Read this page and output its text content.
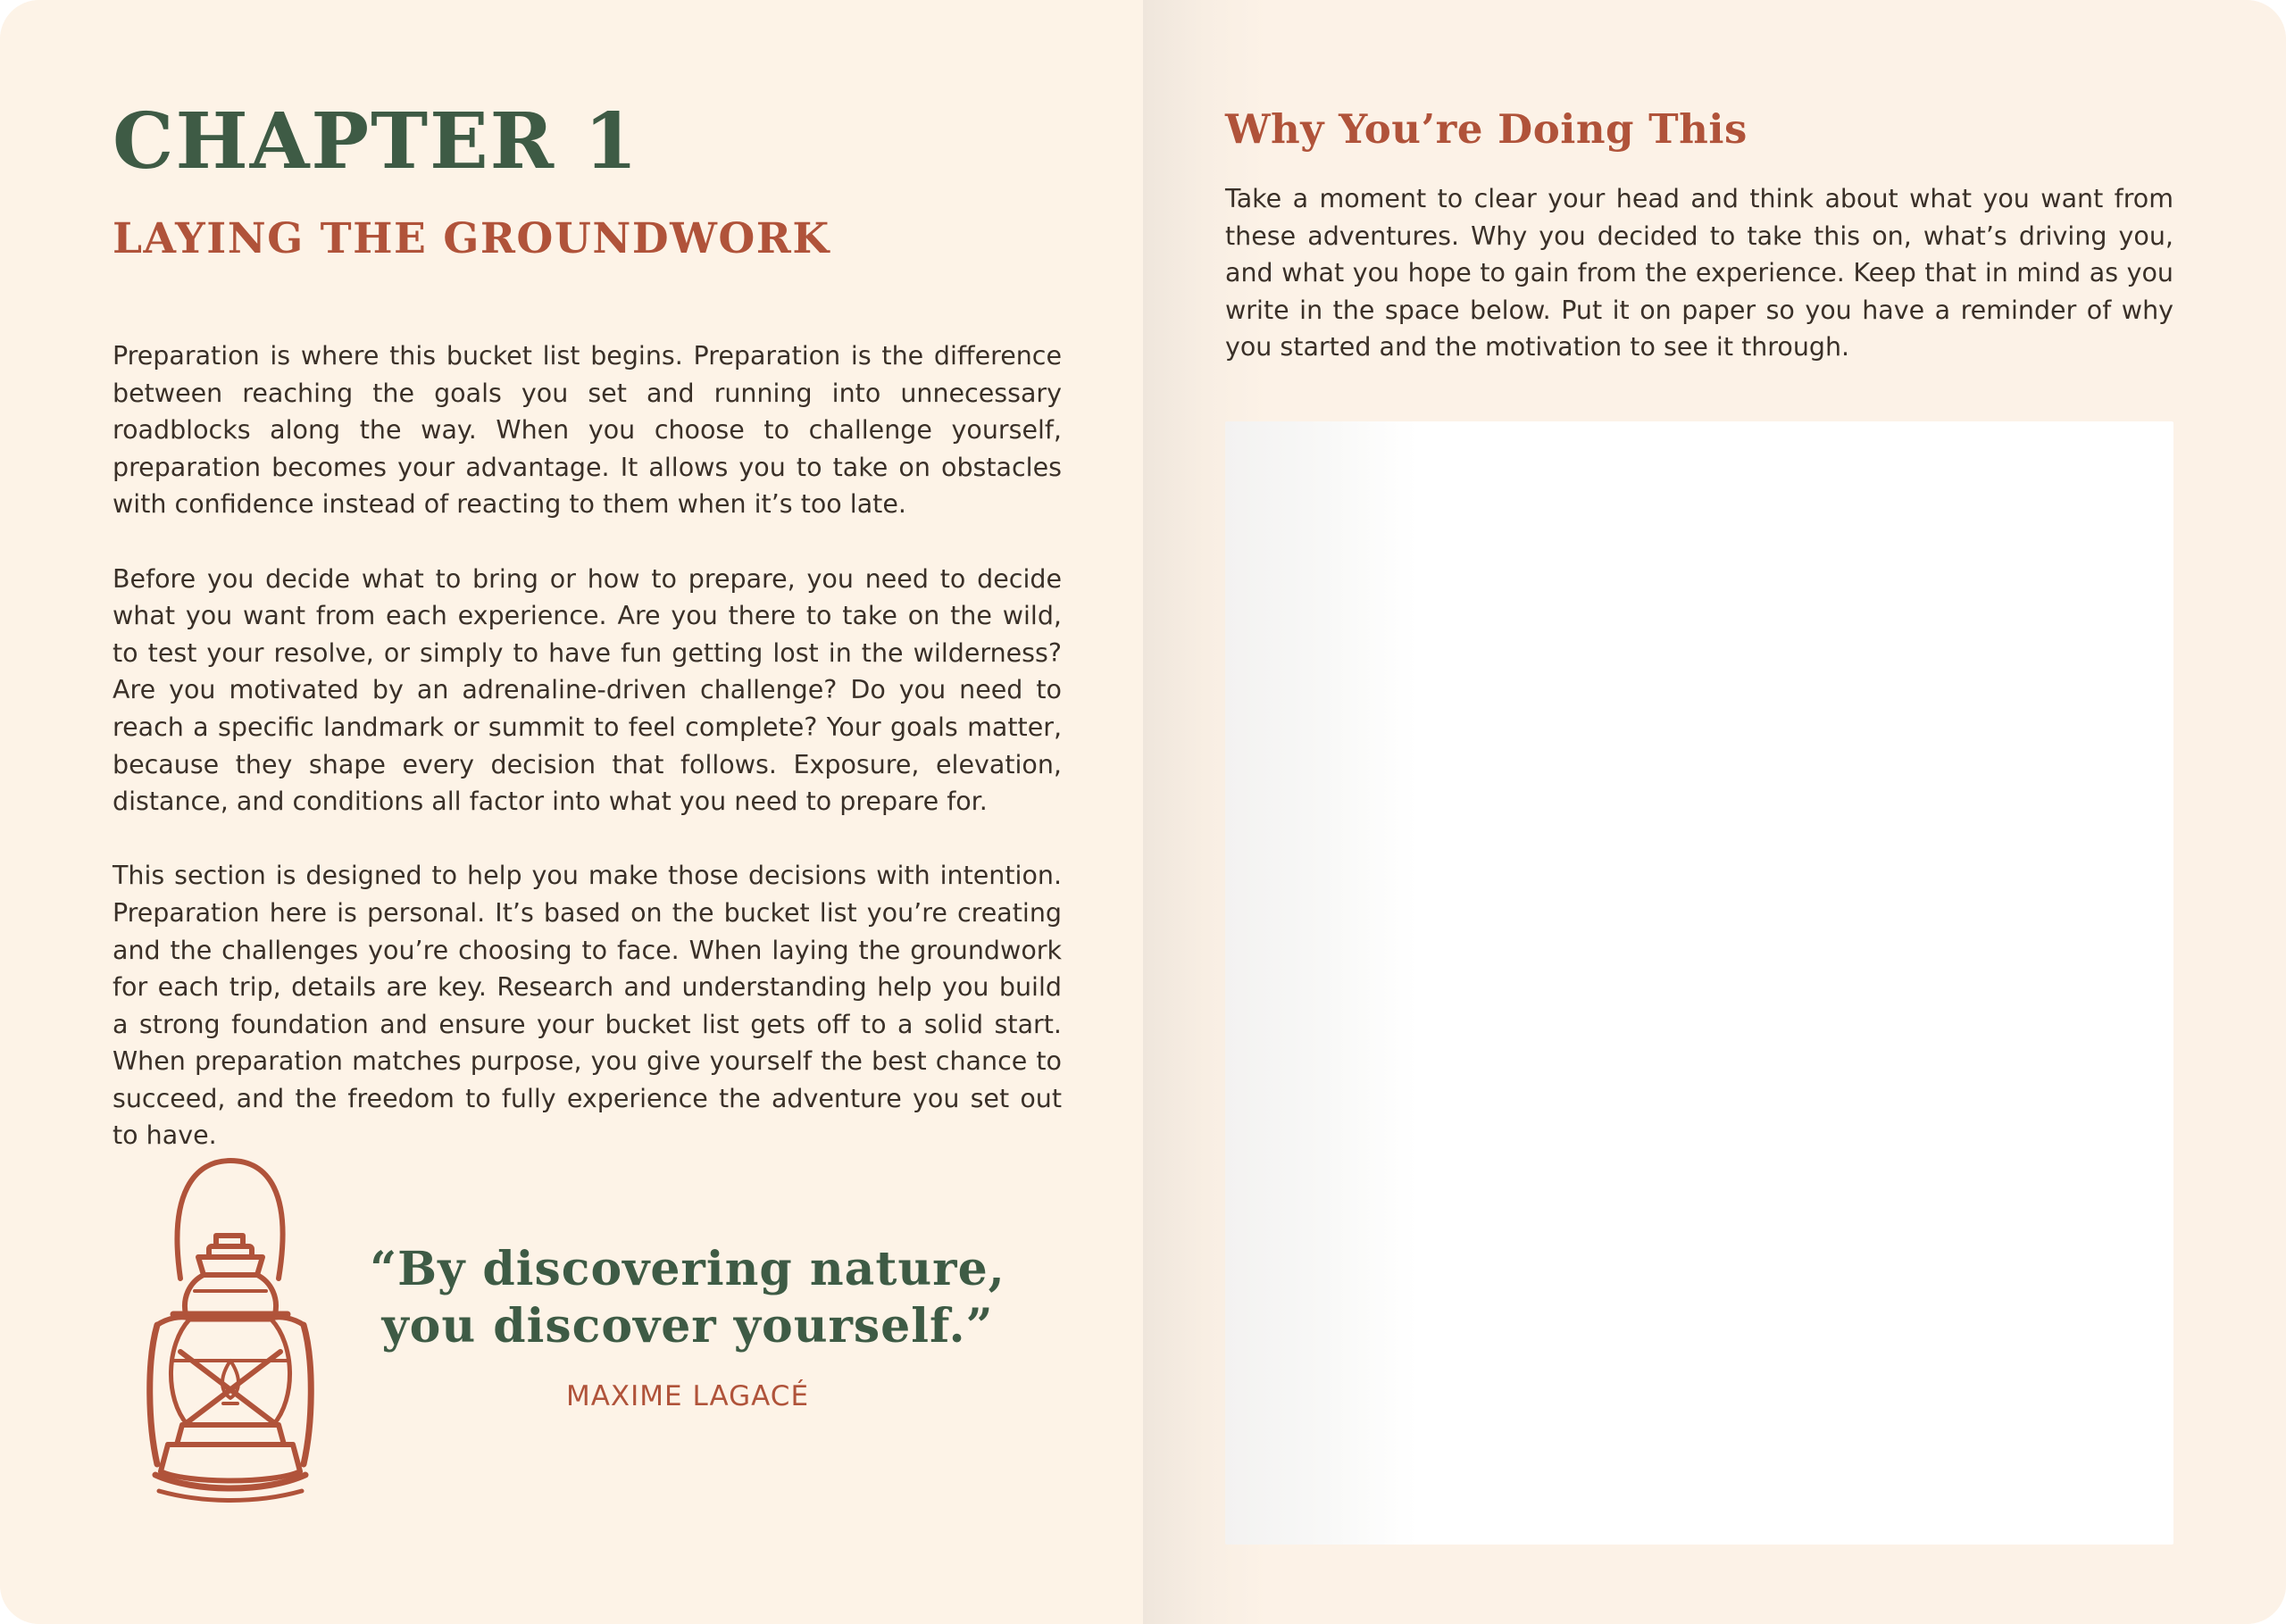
CHAPTER 1
LAYING THE GROUNDWORK

Preparation is where this bucket list begins. Preparation is the difference between reaching the goals you set and running into unnecessary roadblocks along the way. When you choose to challenge yourself, preparation becomes your advantage. It allows you to take on obstacles with confidence instead of reacting to them when it’s too late.

Before you decide what to bring or how to prepare, you need to decide what you want from each experience. Are you there to take on the wild, to test your resolve, or simply to have fun getting lost in the wilderness? Are you motivated by an adrenaline-driven challenge? Do you need to reach a specific landmark or summit to feel complete? Your goals matter, because they shape every decision that follows. Exposure, elevation, distance, and conditions all factor into what you need to prepare for.

This section is designed to help you make those decisions with intention. Preparation here is personal. It’s based on the bucket list you’re creating and the challenges you’re choosing to face. When laying the groundwork for each trip, details are key. Research and understanding help you build a strong foundation and ensure your bucket list gets off to a solid start. When preparation matches purpose, you give yourself the best chance to succeed, and the freedom to fully experience the adventure you set out to have.

“By discovering nature,
you discover yourself.”
MAXIME LAGACÉ
Why You’re Doing This

Take a moment to clear your head and think about what you want from these adventures. Why you decided to take this on, what’s driving you, and what you hope to gain from the experience. Keep that in mind as you write in the space below. Put it on paper so you have a reminder of why you started and the motivation to see it through.
